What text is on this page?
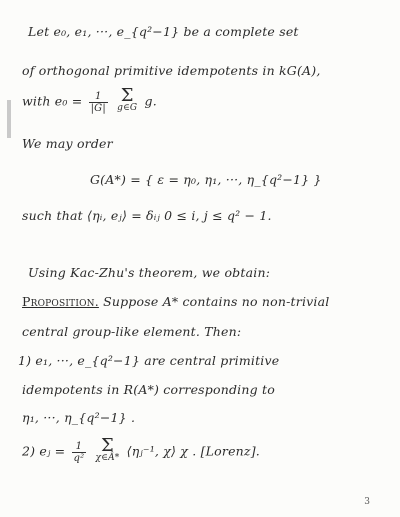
Let e₀, e₁, ···, e_{q²−1} be a complete set
of orthogonal primitive idempotents in kG(A),
with $e_0 = \frac{1}{|G|}$
Σ
g∈G g.
We may order
G(A*) = { ε = η₀, η₁, ···, η_{q²−1} }
such that ⟨ηᵢ, eⱼ⟩ = δᵢⱼ 0 ≤ i, j ≤ q² − 1.
Using Kac-Zhu's theorem, we obtain:
Proposition. Suppose A* contains no non-trivial
central group-like element. Then:
1) e₁, ···, e_{q²−1} are central primitive
idempotents in R(A*) corresponding to
η₁, ···, η_{q²−1} .
2) eⱼ = $\frac{1}{\text{q²}}$
Σ
χ∈Â* ⟨ηⱼ⁻¹, χ⟩ χ . [Lorenz].
3
